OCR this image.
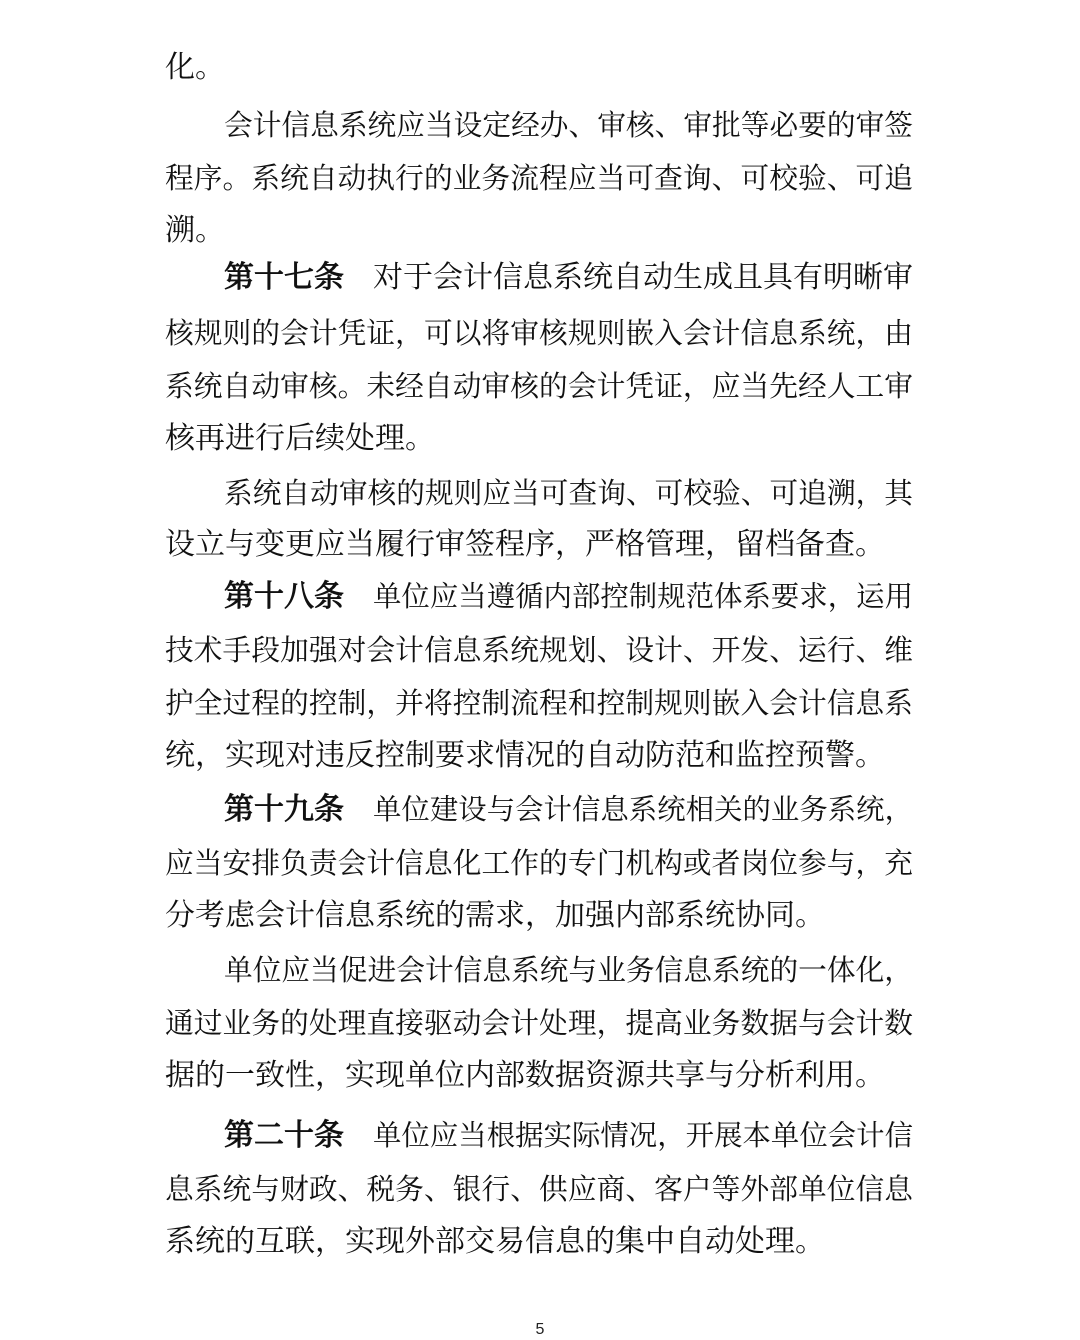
化。
会计信息系统应当设定经办、审核、审批等必要的审签
程序。系统自动执行的业务流程应当可查询、可校验、可追
溯。
第十七条 对于会计信息系统自动生成且具有明晰审
核规则的会计凭证，可以将审核规则嵌入会计信息系统，由
系统自动审核。未经自动审核的会计凭证，应当先经人工审
核再进行后续处理。
系统自动审核的规则应当可查询、可校验、可追溯，其
设立与变更应当履行审签程序，严格管理，留档备查。
第十八条 单位应当遵循内部控制规范体系要求，运用
技术手段加强对会计信息系统规划、设计、开发、运行、维
护全过程的控制，并将控制流程和控制规则嵌入会计信息系
统，实现对违反控制要求情况的自动防范和监控预警。
第十九条 单位建设与会计信息系统相关的业务系统，
应当安排负责会计信息化工作的专门机构或者岗位参与，充
分考虑会计信息系统的需求，加强内部系统协同。
单位应当促进会计信息系统与业务信息系统的一体化，
通过业务的处理直接驱动会计处理，提高业务数据与会计数
据的一致性，实现单位内部数据资源共享与分析利用。
第二十条 单位应当根据实际情况，开展本单位会计信
息系统与财政、税务、银行、供应商、客户等外部单位信息
系统的互联，实现外部交易信息的集中自动处理。
5
